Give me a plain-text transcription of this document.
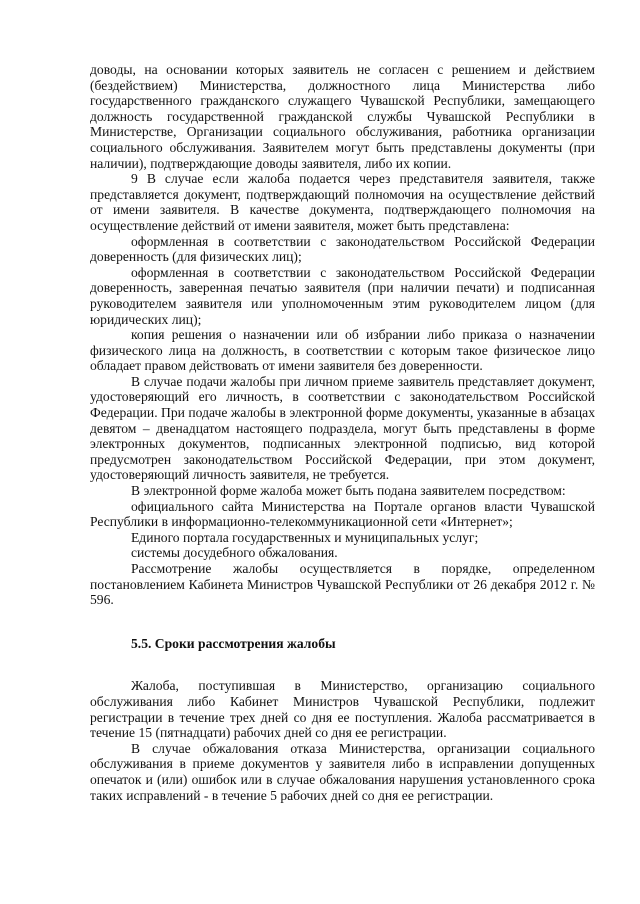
доводы, на основании которых заявитель не согласен с решением и действием (бездействием) Министерства, должностного лица Министерства либо государственного гражданского служащего Чувашской Республики, замещающего должность государственной гражданской службы Чувашской Республики в Министерстве, Организации социального обслуживания, работника организации социального обслуживания. Заявителем могут быть представлены документы (при наличии), подтверждающие доводы заявителя, либо их копии.

9 В случае если жалоба подается через представителя заявителя, также представляется документ, подтверждающий полномочия на осуществление действий от имени заявителя. В качестве документа, подтверждающего полномочия на осуществление действий от имени заявителя, может быть представлена:

оформленная в соответствии с законодательством Российской Федерации доверенность (для физических лиц);

оформленная в соответствии с законодательством Российской Федерации доверенность, заверенная печатью заявителя (при наличии печати) и подписанная руководителем заявителя или уполномоченным этим руководителем лицом (для юридических лиц);

копия решения о назначении или об избрании либо приказа о назначении физического лица на должность, в соответствии с которым такое физическое лицо обладает правом действовать от имени заявителя без доверенности.

В случае подачи жалобы при личном приеме заявитель представляет документ, удостоверяющий его личность, в соответствии с законодательством Российской Федерации. При подаче жалобы в электронной форме документы, указанные в абзацах девятом – двенадцатом настоящего подраздела, могут быть представлены в форме электронных документов, подписанных электронной подписью, вид которой предусмотрен законодательством Российской Федерации, при этом документ, удостоверяющий личность заявителя, не требуется.

В электронной форме жалоба может быть подана заявителем посредством:

официального сайта Министерства на Портале органов власти Чувашской Республики в информационно-телекоммуникационной сети «Интернет»;

Единого портала государственных и муниципальных услуг;

системы досудебного обжалования.

Рассмотрение жалобы осуществляется в порядке, определенном постановлением Кабинета Министров Чувашской Республики от 26 декабря 2012 г. № 596.

5.5. Сроки рассмотрения жалобы

Жалоба, поступившая в Министерство, организацию социального обслуживания либо Кабинет Министров Чувашской Республики, подлежит регистрации в течение трех дней со дня ее поступления. Жалоба рассматривается в течение 15 (пятнадцати) рабочих дней со дня ее регистрации.

В случае обжалования отказа Министерства, организации социального обслуживания в приеме документов у заявителя либо в исправлении допущенных опечаток и (или) ошибок или в случае обжалования нарушения установленного срока таких исправлений - в течение 5 рабочих дней со дня ее регистрации.
